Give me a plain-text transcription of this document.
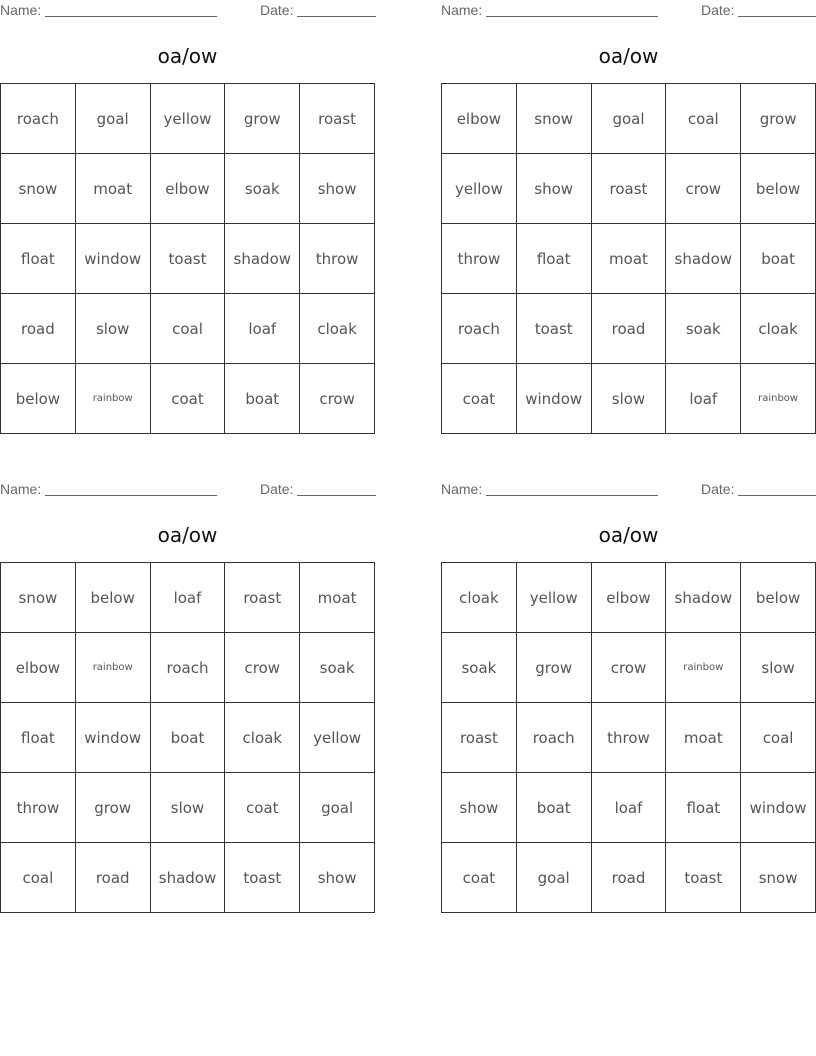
Name:	Date:
oa/ow
roach	goal	yellow	grow	roast
snow	moat	elbow	soak	show
float	window	toast	shadow	throw
road	slow	coal	loaf	cloak
below	rainbow	coat	boat	crow
Name:	Date:
oa/ow
elbow	snow	goal	coal	grow
yellow	show	roast	crow	below
throw	float	moat	shadow	boat
roach	toast	road	soak	cloak
coat	window	slow	loaf	rainbow
Name:	Date:
oa/ow
snow	below	loaf	roast	moat
elbow	rainbow	roach	crow	soak
float	window	boat	cloak	yellow
throw	grow	slow	coat	goal
coal	road	shadow	toast	show
Name:	Date:
oa/ow
cloak	yellow	elbow	shadow	below
soak	grow	crow	rainbow	slow
roast	roach	throw	moat	coal
show	boat	loaf	float	window
coat	goal	road	toast	snow
